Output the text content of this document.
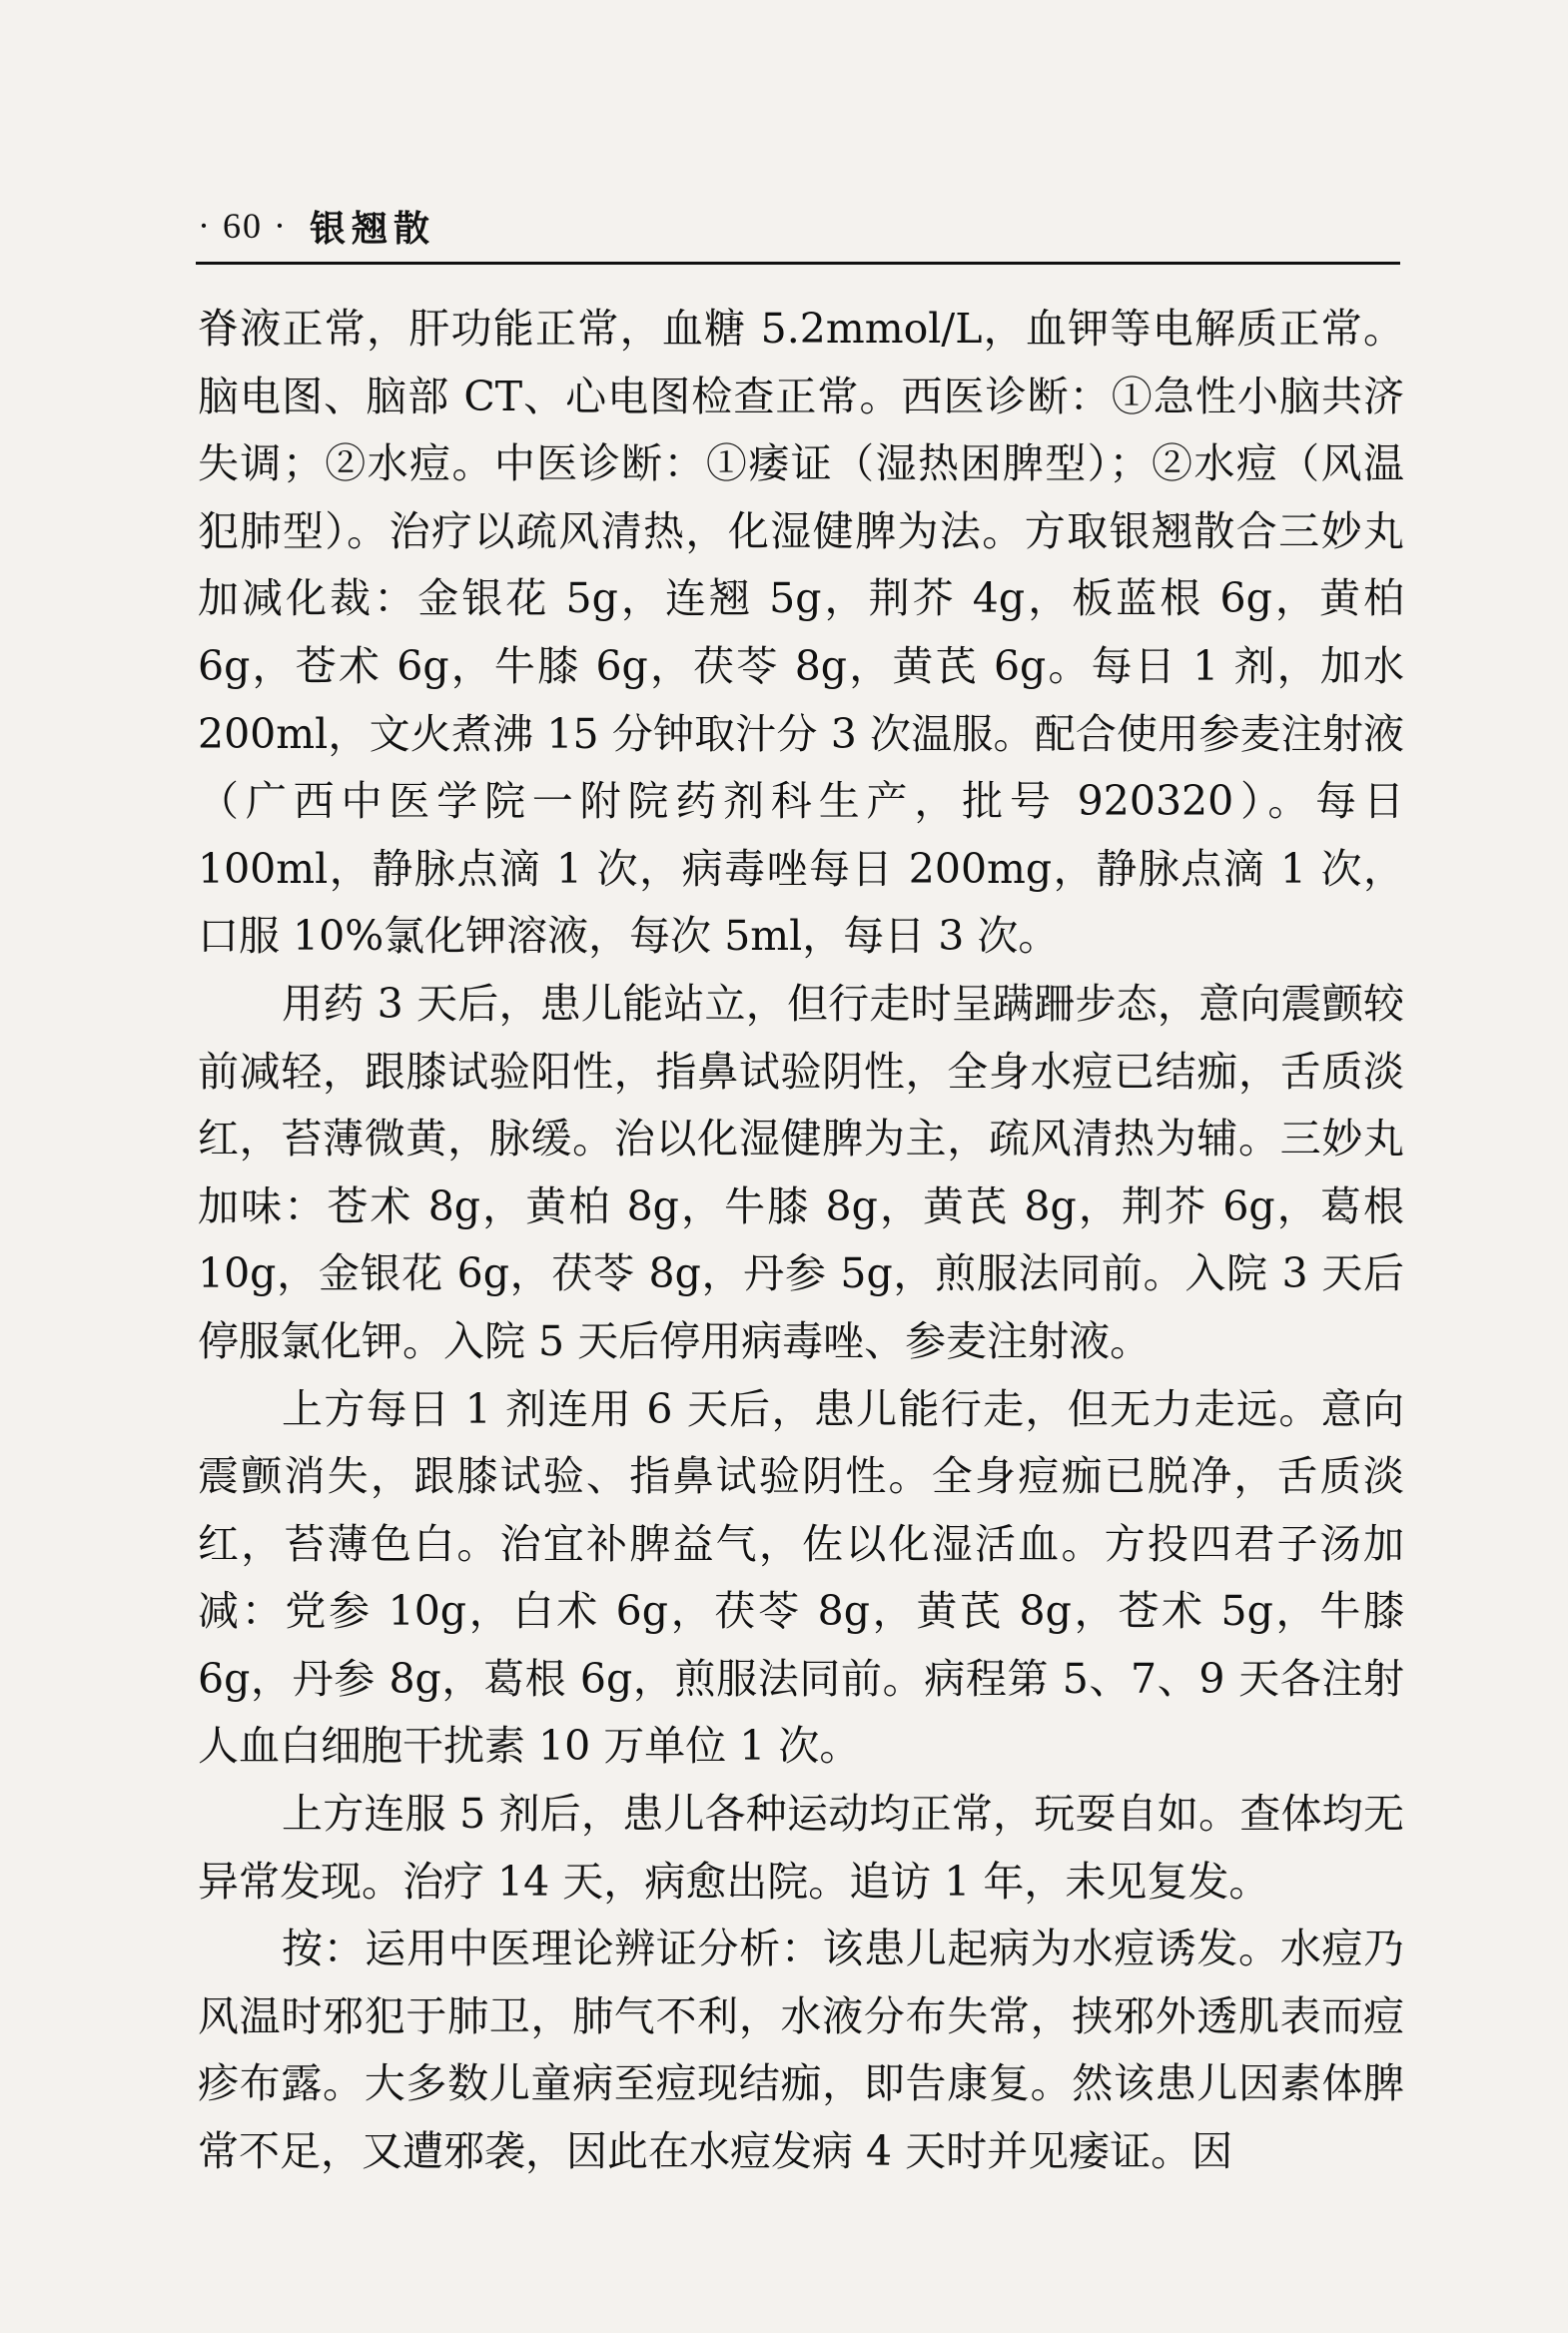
· 60 · 银翘散

脊液正常，肝功能正常，血糖 5.2mmol/L，血钾等电解质正常。脑电图、脑部 CT、心电图检查正常。西医诊断：①急性小脑共济失调；②水痘。中医诊断：①痿证（湿热困脾型）；②水痘（风温犯肺型）。治疗以疏风清热，化湿健脾为法。方取银翘散合三妙丸加减化裁：金银花 5g，连翘 5g，荆芥 4g，板蓝根 6g，黄柏 6g，苍术 6g，牛膝 6g，茯苓 8g，黄芪 6g。每日 1 剂，加水 200ml，文火煮沸 15 分钟取汁分 3 次温服。配合使用参麦注射液（广西中医学院一附院药剂科生产，批号 920320）。每日 100ml，静脉点滴 1 次，病毒唑每日 200mg，静脉点滴 1 次，口服 10%氯化钾溶液，每次 5ml，每日 3 次。

用药 3 天后，患儿能站立，但行走时呈蹒跚步态，意向震颤较前减轻，跟膝试验阳性，指鼻试验阴性，全身水痘已结痂，舌质淡红，苔薄微黄，脉缓。治以化湿健脾为主，疏风清热为辅。三妙丸加味：苍术 8g，黄柏 8g，牛膝 8g，黄芪 8g，荆芥 6g，葛根 10g，金银花 6g，茯苓 8g，丹参 5g，煎服法同前。入院 3 天后停服氯化钾。入院 5 天后停用病毒唑、参麦注射液。

上方每日 1 剂连用 6 天后，患儿能行走，但无力走远。意向震颤消失，跟膝试验、指鼻试验阴性。全身痘痂已脱净，舌质淡红，苔薄色白。治宜补脾益气，佐以化湿活血。方投四君子汤加减：党参 10g，白术 6g，茯苓 8g，黄芪 8g，苍术 5g，牛膝 6g，丹参 8g，葛根 6g，煎服法同前。病程第 5、7、9 天各注射人血白细胞干扰素 10 万单位 1 次。

上方连服 5 剂后，患儿各种运动均正常，玩耍自如。查体均无异常发现。治疗 14 天，病愈出院。追访 1 年，未见复发。

按：运用中医理论辨证分析：该患儿起病为水痘诱发。水痘乃风温时邪犯于肺卫，肺气不利，水液分布失常，挟邪外透肌表而痘疹布露。大多数儿童病至痘现结痂，即告康复。然该患儿因素体脾常不足，又遭邪袭，因此在水痘发病 4 天时并见痿证。因
